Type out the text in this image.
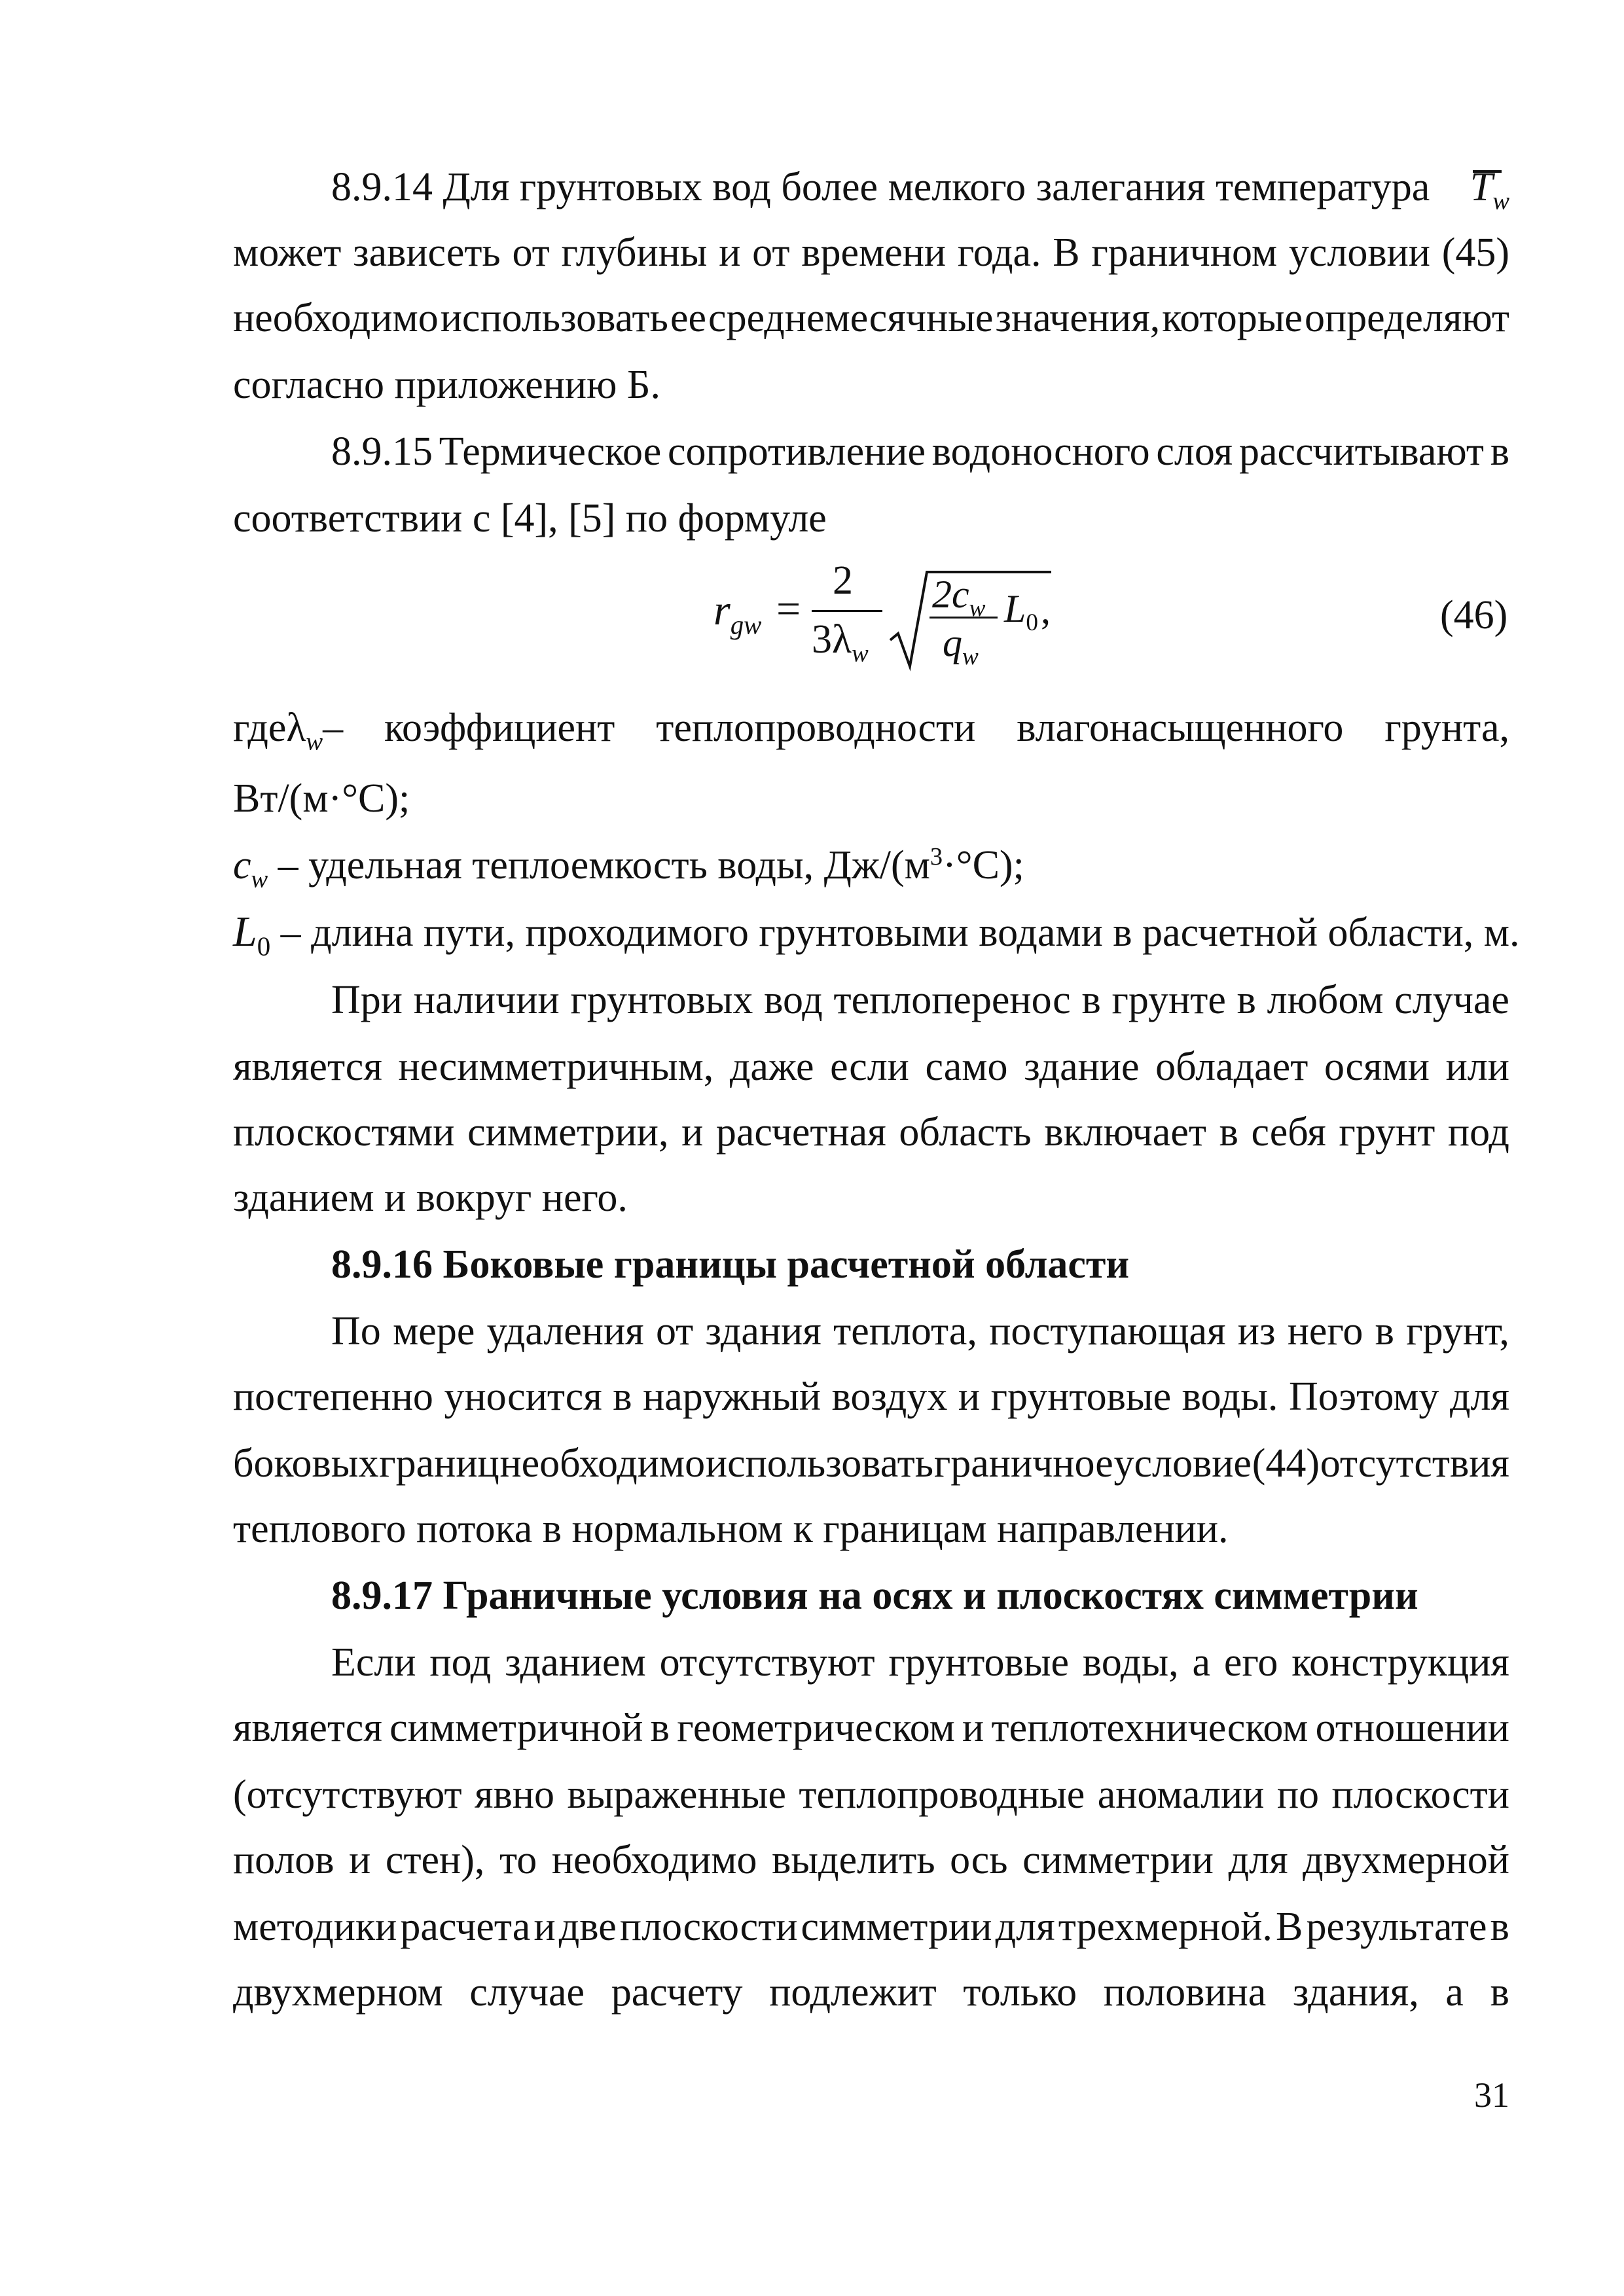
8.9.14 Для грунтовых вод более мелкого залегания температура $T_w$
может зависеть от глубины и от времени года. В граничном условии (45)
необходимо использовать ее среднемесячные значения, которые определяют
согласно приложению Б.
8.9.15 Термическое сопротивление водоносного слоя рассчитывают в
соответствии с [4], [5] по формуле
$r_{gw}$ =
2
$3\lambda_w$
$2c_w$
$q_w$
$L_0$ ,	(46)
где $\lambda_w$ – коэффициент теплопроводности влагонасыщенного грунта,
Вт/(м·°С);
$c_w$ – удельная теплоемкость воды, $Дж/(м^3\cdot^\circ С)$;
$L_0$ – длина пути, проходимого грунтовыми водами в расчетной области, м.
При наличии грунтовых вод теплоперенос в грунте в любом случае
является несимметричным, даже если само здание обладает осями или
плоскостями симметрии, и расчетная область включает в себя грунт под
зданием и вокруг него.
8.9.16 Боковые границы расчетной области
По мере удаления от здания теплота, поступающая из него в грунт,
постепенно уносится в наружный воздух и грунтовые воды. Поэтому для
боковых границ необходимо использовать граничное условие (44) отсутствия
теплового потока в нормальном к границам направлении.
8.9.17 Граничные условия на осях и плоскостях симметрии
Если под зданием отсутствуют грунтовые воды, а его конструкция
является симметричной в геометрическом и теплотехническом отношении
(отсутствуют явно выраженные теплопроводные аномалии по плоскости
полов и стен), то необходимо выделить ось симметрии для двухмерной
методики расчета и две плоскости симметрии для трехмерной. В результате в
двухмерном случае расчету подлежит только половина здания, а в
31
